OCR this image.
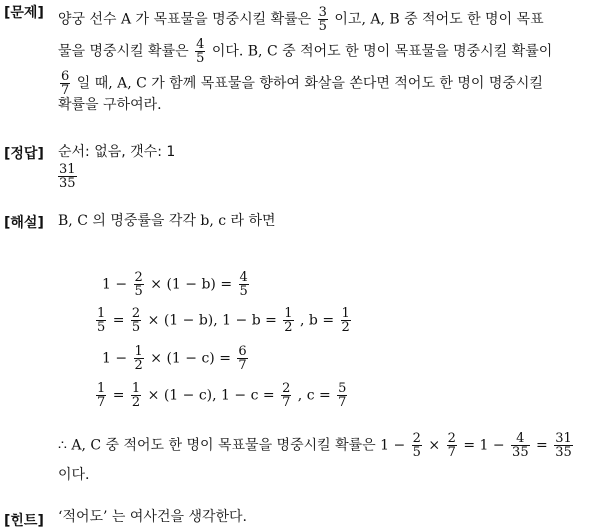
[문제] 양궁 선수 A 가 목표물을 명중시킬 확률은 $\frac{3}{5}$ 이고, A, B 중 적어도 한 명이 목표
물을 명중시킬 확률은 $\frac{4}{5}$ 이다. B, C 중 적어도 한 명이 목표물을 명중시킬 확률이
$\frac{6}{7}$ 일 때, A, C 가 함께 목표물을 향하여 화살을 쏜다면 적어도 한 명이 명중시킬
확률을 구하여라.
[정답] 순서: 없음, 갯수: 1
$\frac{31}{35}$
[해설] B, C 의 명중률을 각각 b, c 라 하면
$1 - \frac{2}{5} \times (1 - b) = \frac{4}{5}$
$\frac{1}{5} = \frac{2}{5} \times (1 - b)$, $1 - b = \frac{1}{2}$ , $b = \frac{1}{2}$
$1 - \frac{1}{2} \times (1 - c) = \frac{6}{7}$
$\frac{1}{7} = \frac{1}{2} \times (1 - c)$, $1 - c = \frac{2}{7}$ , $c = \frac{5}{7}$
∴ A, C 중 적어도 한 명이 목표물을 명중시킬 확률은 $1 - \frac{2}{5} \times \frac{2}{7} = 1 - \frac{4}{35} = \frac{31}{35}$
이다.
[힌트] ‘적어도’ 는 여사건을 생각한다.
